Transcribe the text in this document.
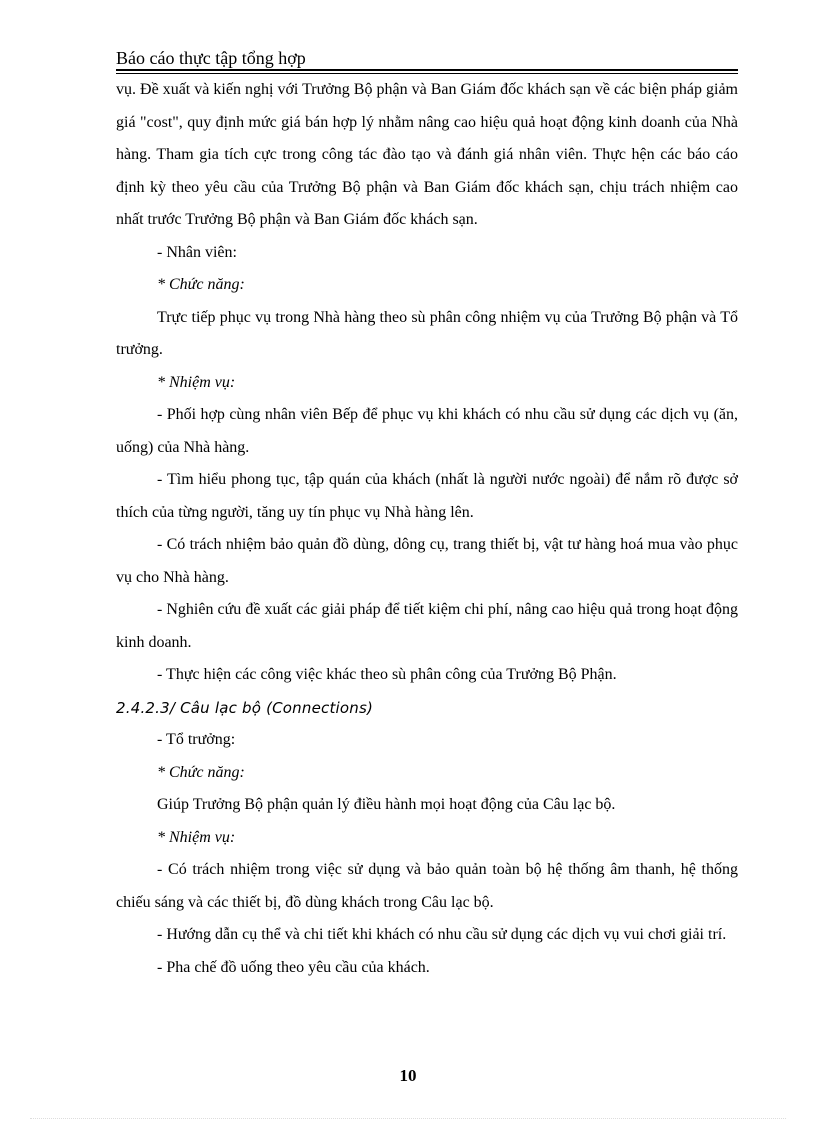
Báo cáo thực tập tổng hợp

vụ. Đề xuất và kiến nghị với Trưởng Bộ phận và Ban Giám đốc khách sạn về các biện pháp giảm giá "cost", quy định mức giá bán hợp lý nhằm nâng cao hiệu quả hoạt động kinh doanh của Nhà hàng. Tham gia tích cực trong công tác đào tạo và đánh giá nhân viên. Thực hện các báo cáo định kỳ theo yêu cầu của Trưởng Bộ phận và Ban Giám đốc khách sạn, chịu trách nhiệm cao nhất trước Trưởng Bộ phận và Ban Giám đốc khách sạn.

- Nhân viên:

* Chức năng:

Trực tiếp phục vụ trong Nhà hàng theo sù phân công nhiệm vụ của Trưởng Bộ phận và Tổ trưởng.

* Nhiệm vụ:

- Phối hợp cùng nhân viên Bếp để phục vụ khi khách có nhu cầu sử dụng các dịch vụ (ăn, uống) của Nhà hàng.

- Tìm hiểu phong tục, tập quán của khách (nhất là người nước ngoài) để nắm rõ được sở thích của từng người, tăng uy tín phục vụ Nhà hàng lên.

- Có trách nhiệm bảo quản đồ dùng, dông cụ, trang thiết bị, vật tư hàng hoá mua vào phục vụ cho Nhà hàng.

- Nghiên cứu đề xuất các giải pháp để tiết kiệm chi phí, nâng cao hiệu quả trong hoạt động kinh doanh.

- Thực hiện các công việc khác theo sù phân công của Trưởng Bộ Phận.

2.4.2.3/ Câu lạc bộ (Connections)

- Tổ trưởng:

* Chức năng:

Giúp Trưởng Bộ phận quản lý điều hành mọi hoạt động của Câu lạc bộ.

* Nhiệm vụ:

- Có trách nhiệm trong việc sử dụng và bảo quản toàn bộ hệ thống âm thanh, hệ thống chiếu sáng và các thiết bị, đồ dùng khách trong Câu lạc bộ.

- Hướng dẫn cụ thể và chi tiết khi khách có nhu cầu sử dụng các dịch vụ vui chơi giải trí.

- Pha chế đồ uống theo yêu cầu của khách.

10
